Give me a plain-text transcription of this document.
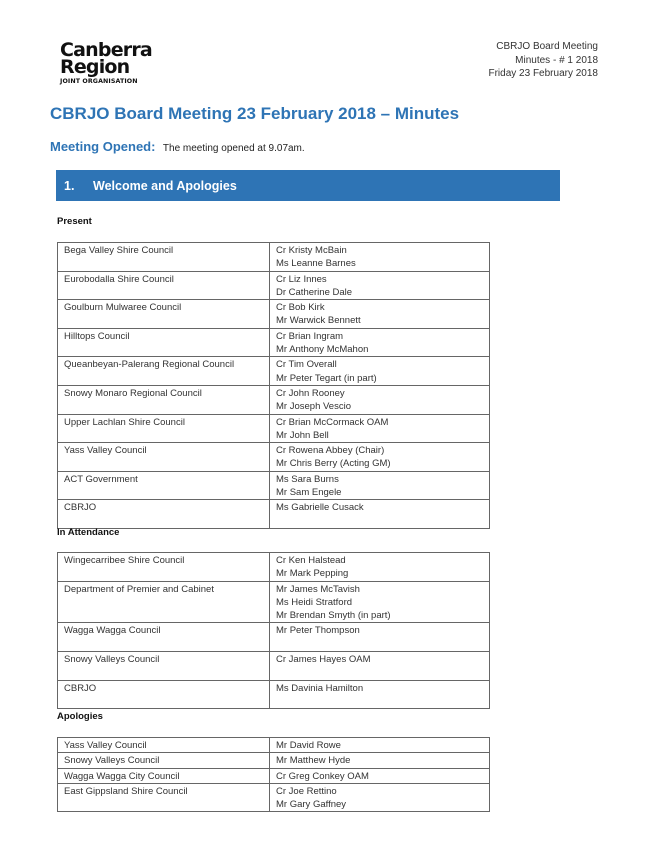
Canberra
Region
JOINT ORGANISATION
CBRJO Board Meeting
Minutes - # 1 2018
Friday 23 February 2018
CBRJO Board Meeting 23 February 2018 – Minutes
Meeting Opened: The meeting opened at 9.07am.
1.	Welcome and Apologies
Present
Bega Valley Shire Council	Cr Kristy McBain
Ms Leanne Barnes

Eurobodalla Shire Council	Cr Liz Innes
Dr Catherine Dale

Goulburn Mulwaree Council	Cr Bob Kirk
Mr Warwick Bennett

Hilltops Council	Cr Brian Ingram
Mr Anthony McMahon

Queanbeyan-Palerang Regional Council	Cr Tim Overall
Mr Peter Tegart (in part)

Snowy Monaro Regional Council	Cr John Rooney
Mr Joseph Vescio

Upper Lachlan Shire Council	Cr Brian McCormack OAM
Mr John Bell

Yass Valley Council	Cr Rowena Abbey (Chair)
Mr Chris Berry (Acting GM)

ACT Government	Ms Sara Burns
Mr Sam Engele

CBRJO	Ms Gabrielle Cusack

In Attendance
Wingecarribee Shire Council	Cr Ken Halstead
Mr Mark Pepping

Department of Premier and Cabinet	Mr James McTavish
Ms Heidi Stratford
Mr Brendan Smyth (in part)

Wagga Wagga Council	Mr Peter Thompson

Snowy Valleys Council	Cr James Hayes OAM

CBRJO	Ms Davinia Hamilton

Apologies
Yass Valley Council	Mr David Rowe

Snowy Valleys Council	Mr Matthew Hyde

Wagga Wagga City Council	Cr Greg Conkey OAM

East Gippsland Shire Council	Cr Joe Rettino
Mr Gary Gaffney
